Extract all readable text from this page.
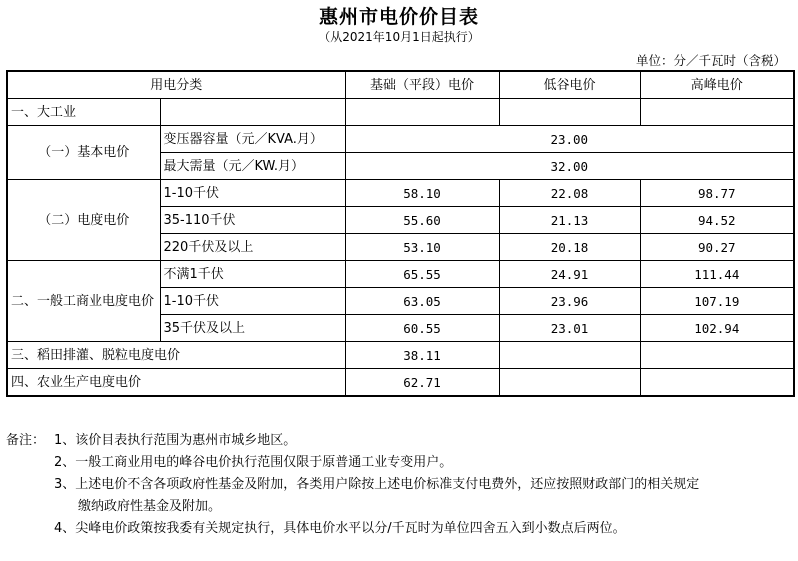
惠州市电价价目表
（从2021年10月1日起执行）
单位：分／千瓦时（含税）
用电分类		基础（平段）电价	低谷电价	高峰电价
一、大工业				
（一）基本电价	变压器容量（元／KVA.月）	23.00		
	最大需量（元／KW.月）	32.00		
（二）电度电价	1-10千伏	58.10	22.08	98.77
	35-110千伏	55.60	21.13	94.52
	220千伏及以上	53.10	20.18	90.27
二、一般工商业电度电价	不满1千伏	65.55	24.91	111.44
	1-10千伏	63.05	23.96	107.19
	35千伏及以上	60.55	23.01	102.94
三、稻田排灌、脱粒电度电价		38.11		
四、农业生产电度电价		62.71		
备注： 1、该价目表执行范围为惠州市城乡地区。
2、一般工商业用电的峰谷电价执行范围仅限于原普通工业专变用户。
3、上述电价不含各项政府性基金及附加，各类用户除按上述电价标准支付电费外，还应按照财政部门的相关规定
缴纳政府性基金及附加。
4、尖峰电价政策按我委有关规定执行，具体电价水平以分/千瓦时为单位四舍五入到小数点后两位。
